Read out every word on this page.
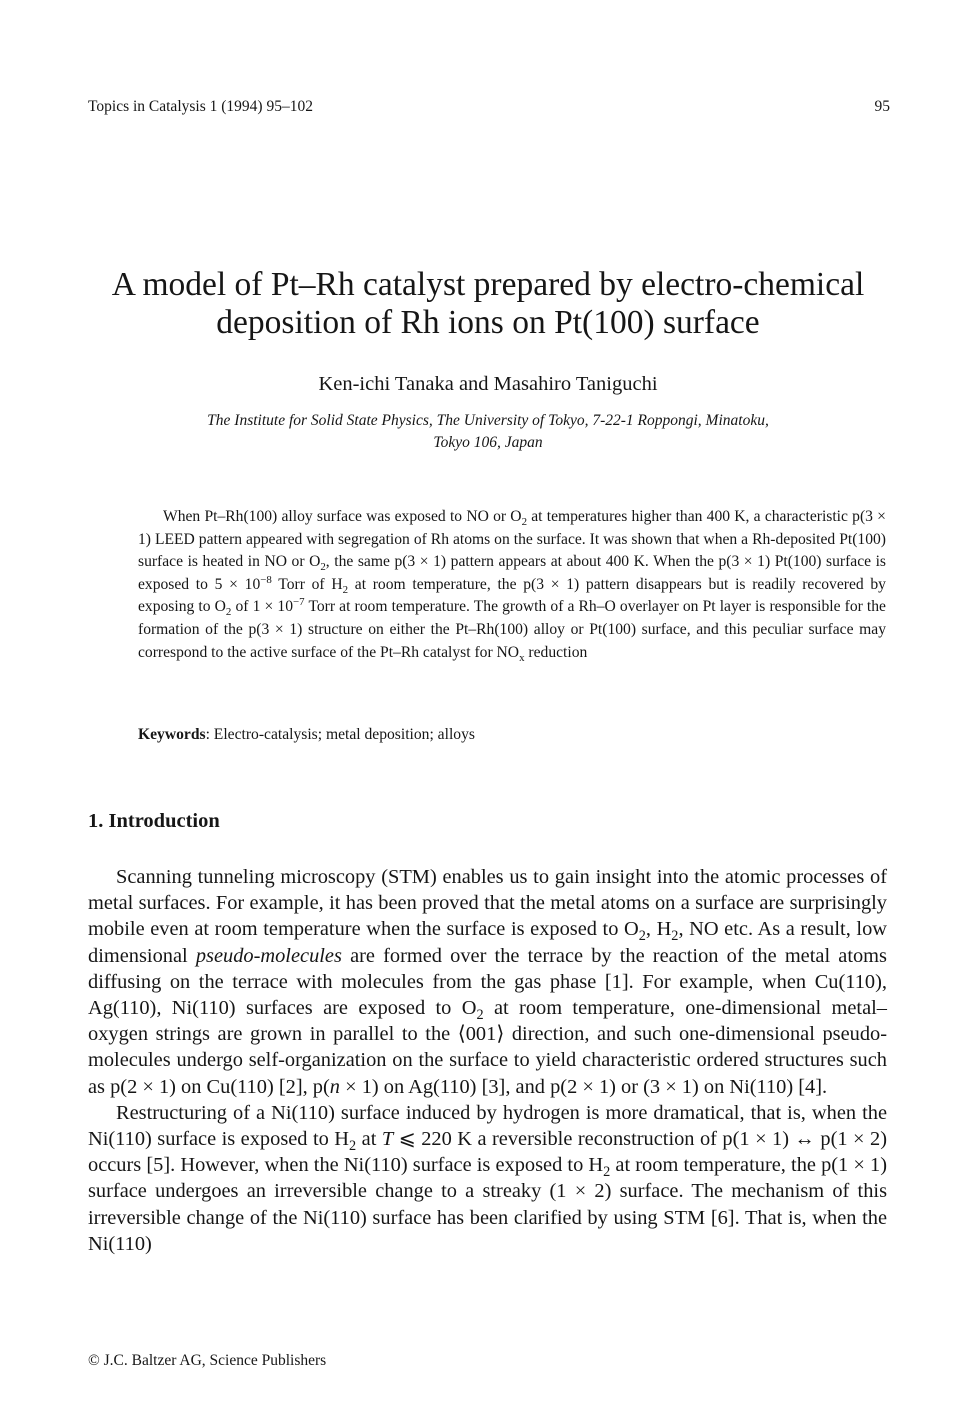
Topics in Catalysis 1 (1994) 95–102	95
A model of Pt–Rh catalyst prepared by electro-chemical
deposition of Rh ions on Pt(100) surface
Ken-ichi Tanaka and Masahiro Taniguchi
The Institute for Solid State Physics, The University of Tokyo, 7-22-1 Roppongi, Minatoku,
Tokyo 106, Japan

When Pt–Rh(100) alloy surface was exposed to NO or $O_2$ at temperatures higher than 400 K, a characteristic p(3 × 1) LEED pattern appeared with segregation of Rh atoms on the surface. It was shown that when a Rh-deposited Pt(100) surface is heated in NO or $O_2$, the same p(3 × 1) pattern appears at about 400 K. When the p(3 × 1) Pt(100) surface is exposed to $5 \times 10^{-8}$ Torr of $H_2$ at room temperature, the p(3 × 1) pattern disappears but is readily recovered by exposing to $O_2$ of $1 \times 10^{-7}$ Torr at room temperature. The growth of a Rh–O overlayer on Pt layer is responsible for the formation of the p(3 × 1) structure on either the Pt–Rh(100) alloy or Pt(100) surface, and this peculiar surface may correspond to the active surface of the Pt–Rh catalyst for $NO_x$ reduction

Keywords: Electro-catalysis; metal deposition; alloys
1. Introduction

Scanning tunneling microscopy (STM) enables us to gain insight into the atomic processes of metal surfaces. For example, it has been proved that the metal atoms on a surface are surprisingly mobile even at room temperature when the surface is exposed to $O_2$, $H_2$, NO etc. As a result, low dimensional pseudo-molecules are formed over the terrace by the reaction of the metal atoms diffusing on the terrace with molecules from the gas phase [1]. For example, when Cu(110), Ag(110), Ni(110) surfaces are exposed to $O_2$ at room temperature, one-dimensional metal–oxygen strings are grown in parallel to the ⟨001⟩ direction, and such one-dimensional pseudo-molecules undergo self-organization on the surface to yield characteristic ordered structures such as p(2 × 1) on Cu(110) [2], p(n × 1) on Ag(110) [3], and p(2 × 1) or (3 × 1) on Ni(110) [4].

Restructuring of a Ni(110) surface induced by hydrogen is more dramatical, that is, when the Ni(110) surface is exposed to $H_2$ at T ⩽ 220 K a reversible reconstruction of p(1 × 1) ↔ p(1 × 2) occurs [5]. However, when the Ni(110) surface is exposed to $H_2$ at room temperature, the p(1 × 1) surface undergoes an irreversible change to a streaky (1 × 2) surface. The mechanism of this irreversible change of the Ni(110) surface has been clarified by using STM [6]. That is, when the Ni(110)

© J.C. Baltzer AG, Science Publishers
